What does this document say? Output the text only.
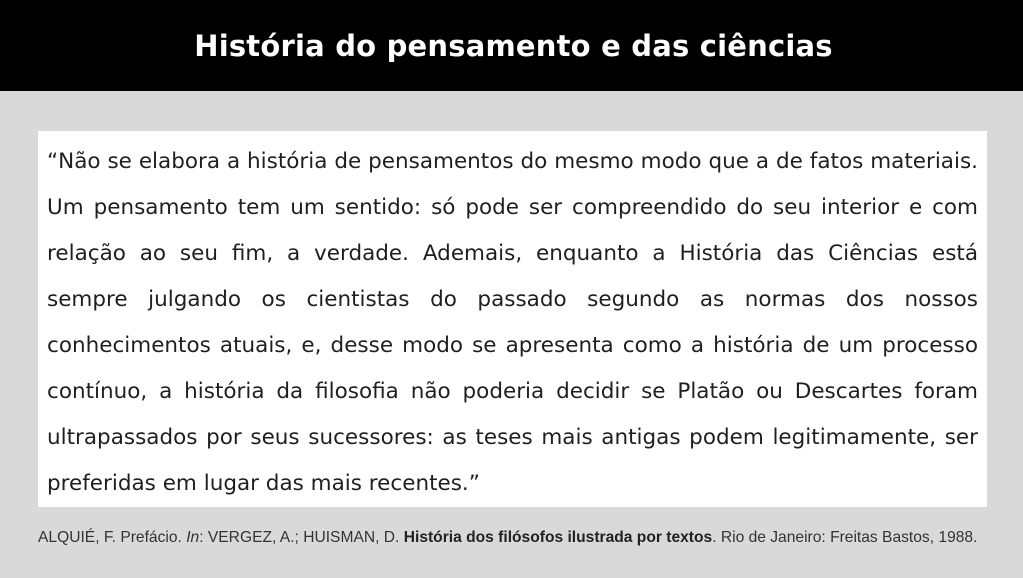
História do pensamento e das ciências

“Não se elabora a história de pensamentos do mesmo modo que a de fatos materiais. Um pensamento tem um sentido: só pode ser compreendido do seu interior e com relação ao seu fim, a verdade. Ademais, enquanto a História das Ciências está sempre julgando os cientistas do passado segundo as normas dos nossos conhecimentos atuais, e, desse modo se apresenta como a história de um processo contínuo, a história da filosofia não poderia decidir se Platão ou Descartes foram ultrapassados por seus sucessores: as teses mais antigas podem legitimamente, ser preferidas em lugar das mais recentes.”

ALQUIÉ, F. Prefácio. In: VERGEZ, A.; HUISMAN, D. História dos filósofos ilustrada por textos. Rio de Janeiro: Freitas Bastos, 1988.
